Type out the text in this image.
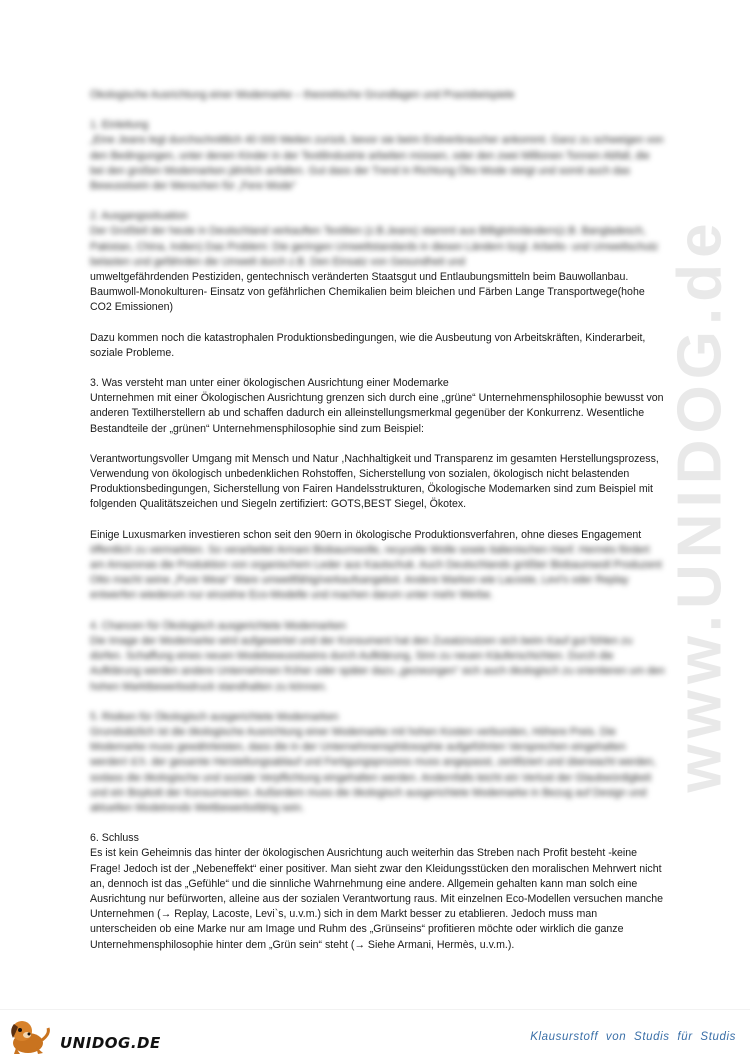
www.UNIDOG.de

Ökologische Ausrichtung einer Modemarke – theoretische Grundlagen und Praxisbeispiele

1. Einleitung

„Eine Jeans legt durchschnittlich 40 000 Meilen zurück, bevor sie beim Endverbraucher ankommt. Ganz zu schweigen von den Bedingungen, unter denen Kinder in der Textilindustrie arbeiten müssen, oder den zwei Millionen Tonnen Abfall, die bei den großen Modemarken jährlich anfallen. Gut dass der Trend in Richtung Öko Mode steigt und somit auch das Bewusstsein der Menschen für „Fere Mode“

2. Ausgangssituation

Der Großteil der heute in Deutschland verkauften Textilien (z.B.Jeans) stammt aus Billiglohnländern(z.B. Bangladesch, Pakistan, China, Indien) Das Problem: Die geringen Umweltstandards in diesen Ländern bzgl. Arbeits- und Umweltschutz belasten und gefährden die Umwelt durch z.B. Den Einsatz von Gesundheit und

umweltgefährdenden Pestiziden, gentechnisch veränderten Staatsgut und Entlaubungsmitteln beim Bauwollanbau.

Baumwoll-Monokulturen- Einsatz von gefährlichen Chemikalien beim bleichen und Färben Lange Transportwege(hohe CO2 Emissionen)

Dazu kommen noch die katastrophalen Produktionsbedingungen, wie die Ausbeutung von Arbeitskräften, Kinderarbeit, soziale Probleme.

3. Was versteht man unter einer ökologischen Ausrichtung einer Modemarke

Unternehmen mit einer Ökologischen Ausrichtung grenzen sich durch eine „grüne“ Unternehmensphilosophie bewusst von anderen Textilherstellern ab und schaffen dadurch ein alleinstellungsmerkmal gegenüber der Konkurrenz. Wesentliche Bestandteile der „grünen“ Unternehmensphilosophie sind zum Beispiel:

Verantwortungsvoller Umgang mit Mensch und Natur ,Nachhaltigkeit und Transparenz im gesamten Herstellungsprozess, Verwendung von ökologisch unbedenklichen Rohstoffen, Sicherstellung von sozialen, ökologisch nicht belastenden Produktionsbedingungen, Sicherstellung von Fairen Handelsstrukturen, Ökologische Modemarken sind zum Beispiel mit folgenden Qualitätszeichen und Siegeln zertifiziert: GOTS,BEST Siegel, Ökotex.

Einige Luxusmarken investieren schon seit den 90ern in ökologische Produktionsverfahren, ohne dieses Engagement

öffentlich zu vermarkten. So verarbeitet Armani Biobaumwolle, recycelte Wolle sowie italienischen Hanf. Hermès fördert am Amazonas die Produktion von organischem Leder aus Kautschuk. Auch Deutschlands größter Biobaumwoll Produzent Otto macht seine „Pure Wear“ Ware umweltfähig/verkaufsangebot. Andere Marken wie Lacoste, Levi's oder Replay entwerfen wiederum nur einzelne Eco-Modelle und machen darum unter mehr Werbe.

4. Chancen für Ökologisch ausgerichtete Modemarken

Die Image der Modemarke wird aufgewertet und der Konsument hat den Zusatznutzen sich beim Kauf gut fühlen zu dürfen. Schaffung eines neuen Modebewusstseins durch Aufklärung, Sinn zu neuen Käuferschichten. Durch die Aufklärung werden andere Unternehmen früher oder später dazu „gezwungen“ sich auch ökologisch zu orientieren um den hohen Marktbewerbsdruck standhalten zu können.

5. Risiken für Ökologisch ausgerichtete Modemarken

Grundsätzlich ist die ökologische Ausrichtung einer Modemarke mit hohen Kosten verbunden, Höhere Preis. Die Modemarke muss gewährleisten, dass die in der Unternehmensphilosophie aufgeführten Versprechen eingehalten werden! d.h. der gesamte Herstellungsablauf und Fertigungsprozess muss angepasst, zertifiziert und überwacht werden, sodass die ökologische und soziale Verpflichtung eingehalten werden. Andernfalls leicht ein Verlust der Glaubwürdigkeit und ein Boykott der Konsumenten. Außerdem muss die ökologisch ausgerichtete Modemarke in Bezug auf Design und aktuellen Modetrends Wettbewerbsfähig sein.

6. Schluss

Es ist kein Geheimnis das hinter der ökologischen Ausrichtung auch weiterhin das Streben nach Profit besteht -keine Frage! Jedoch ist der „Nebeneffekt“ einer positiver. Man sieht zwar den Kleidungsstücken den moralischen Mehrwert nicht an, dennoch ist das „Gefühle“ und die sinnliche Wahrnehmung eine andere. Allgemein gehalten kann man solch eine Ausrichtung nur befürworten, alleine aus der sozialen Verantwortung raus. Mit einzelnen Eco-Modellen versuchen manche Unternehmen (→ Replay, Lacoste, Levi`s, u.v.m.) sich in dem Markt besser zu etablieren. Jedoch muss man unterscheiden ob eine Marke nur am Image und Ruhm des „Grünseins“ profitieren möchte oder wirklich die ganze Unternehmensphilosophie hinter dem „Grün sein“ steht (→ Siehe Armani, Hermès, u.v.m.).

UNIDOG.DE	Klausurstoff von Studis für Studis
